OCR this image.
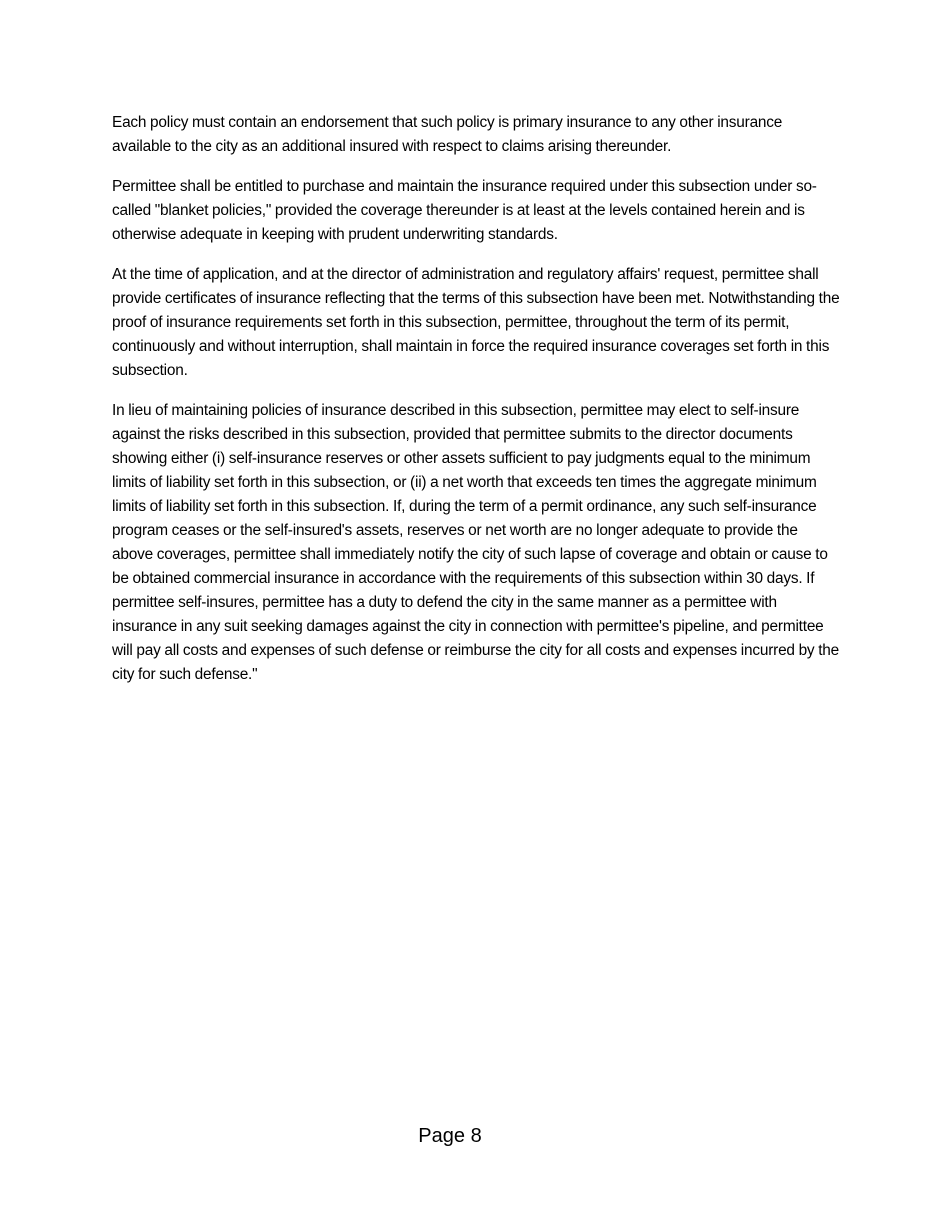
Each policy must contain an endorsement that such policy is primary insurance to any other insurance available to the city as an additional insured with respect to claims arising thereunder.

Permittee shall be entitled to purchase and maintain the insurance required under this subsection under so-called "blanket policies," provided the coverage thereunder is at least at the levels contained herein and is otherwise adequate in keeping with prudent underwriting standards.

At the time of application, and at the director of administration and regulatory affairs' request, permittee shall provide certificates of insurance reflecting that the terms of this subsection have been met. Notwithstanding the proof of insurance requirements set forth in this subsection, permittee, throughout the term of its permit, continuously and without interruption, shall maintain in force the required insurance coverages set forth in this subsection.

In lieu of maintaining policies of insurance described in this subsection, permittee may elect to self-insure against the risks described in this subsection, provided that permittee submits to the director documents showing either (i) self-insurance reserves or other assets sufficient to pay judgments equal to the minimum limits of liability set forth in this subsection, or (ii) a net worth that exceeds ten times the aggregate minimum limits of liability set forth in this subsection. If, during the term of a permit ordinance, any such self-insurance program ceases or the self-insured's assets, reserves or net worth are no longer adequate to provide the above coverages, permittee shall immediately notify the city of such lapse of coverage and obtain or cause to be obtained commercial insurance in accordance with the requirements of this subsection within 30 days. If permittee self-insures, permittee has a duty to defend the city in the same manner as a permittee with insurance in any suit seeking damages against the city in connection with permittee's pipeline, and permittee will pay all costs and expenses of such defense or reimburse the city for all costs and expenses incurred by the city for such defense."

Page 8
